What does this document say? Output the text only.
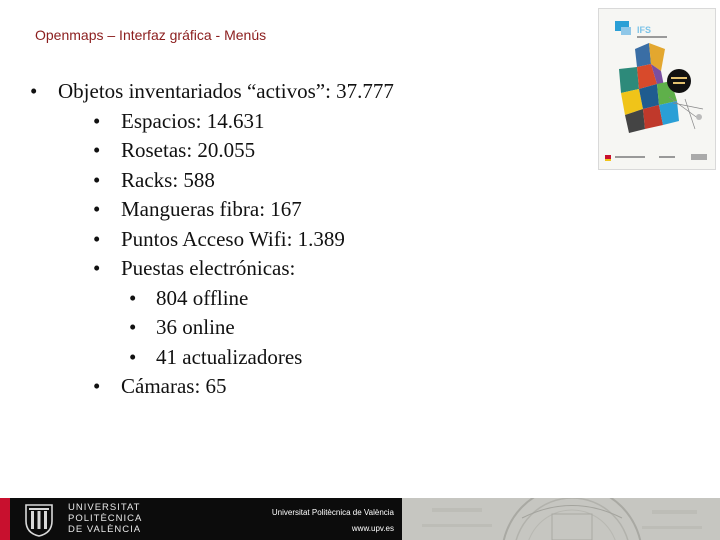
Openmaps – Interfaz gráfica - Menús	IFS
• Objetos inventariados “activos”: 37.777
• Espacios: 14.631
• Rosetas: 20.055
• Racks: 588
• Mangueras fibra: 167
• Puntos Acceso Wifi: 1.389
• Puestas electrónicas:
• 804 offline
• 36 online
• 41 actualizadores
• Cámaras: 65
UNIVERSITAT
POLITÈCNICA
DE VALÈNCIA
Universitat Politècnica de València
www.upv.es
